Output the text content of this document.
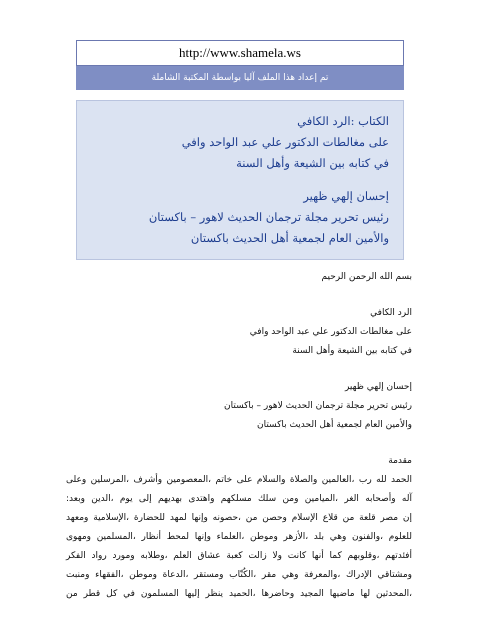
http://www.shamela.ws
تم إعداد هذا الملف آليا بواسطة المكتبة الشاملة
الكتاب :الرد الكافي
على مغالطات الدكتور علي عبد الواحد وافي
في كتابه بين الشيعة وأهل السنة
إحسان إلهي ظهير
رئيس تحرير مجلة ترجمان الحديث لاهور – باكستان
والأمين العام لجمعية أهل الحديث باكستان
بسم الله الرحمن الرحيم
الرد الكافي
على مغالطات الدكتور علي عبد الواحد وافي
في كتابه بين الشيعة وأهل السنة
إحسان إلهي ظهير
رئيس تحرير مجلة ترجمان الحديث لاهور – باكستان
والأمين العام لجمعية أهل الحديث باكستان
مقدمة
الحمد لله رب ،العالمين والصلاة والسلام على خاتم ،المعصومين وأشرف ،المرسلين وعلى
آله وأصحابه الغر ،الميامين ومن سلك مسلكهم واهتدى بهديهم إلى يوم ،الدين وبعد:
إن مصر قلعة من قلاع الإسلام وحصن من ،حصونه وإنها لمهد للحضارة ،الإسلامية ومعهد
للعلوم ،والفنون وهي بلد ،الأزهر وموطن ،العلماء وإنها لمحط أنظار ،المسلمين ومهوى
أفئدتهم ،وقلوبهم كما أنها كانت ولا زالت كعبة عشاق العلم ،وطلابه ومورد رواد الفكر
ومشتاقي الإدراك ،والمعرفة وهي مقر ،الكُتّاب ومستقر ،الدعاة وموطن ،الفقهاء ومنبت
،المحدثين لها ماضيها المجيد وحاضرها ،الحميد ينظر إليها المسلمون في كل قطر من
